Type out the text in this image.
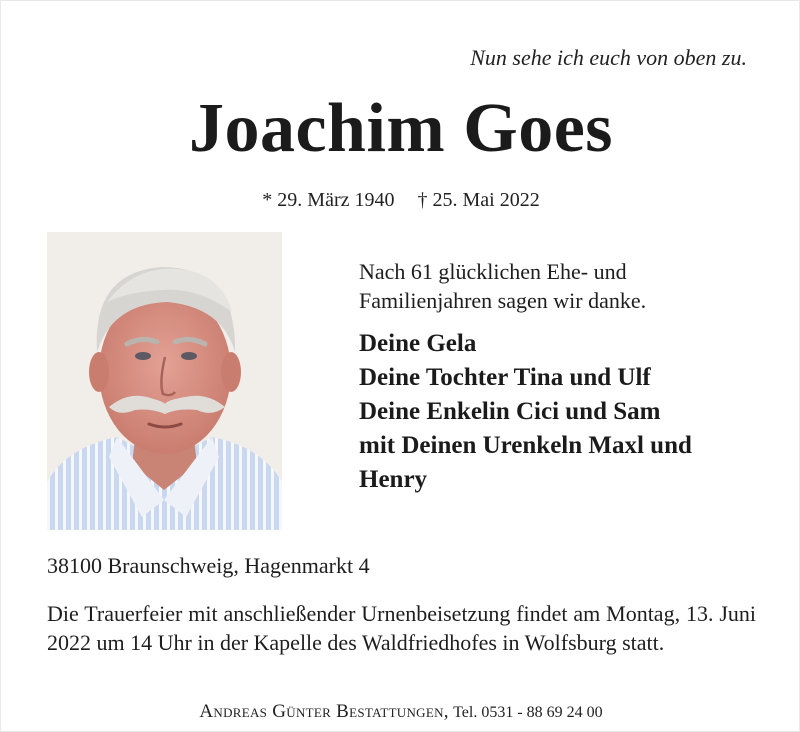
Nun sehe ich euch von oben zu.
Joachim Goes
* 29. März 1940 † 25. Mai 2022
Nach 61 glücklichen Ehe- und
Familienjahren sagen wir danke.
Deine Gela
Deine Tochter Tina und Ulf
Deine Enkelin Cici und Sam
mit Deinen Urenkeln Maxl und
Henry
38100 Braunschweig, Hagenmarkt 4
Die Trauerfeier mit anschließender Urnenbeisetzung findet am Montag, 13. Juni 2022 um 14 Uhr in der Kapelle des Waldfriedhofes in Wolfsburg statt.
Andreas Günter Bestattungen, Tel. 0531 - 88 69 24 00
